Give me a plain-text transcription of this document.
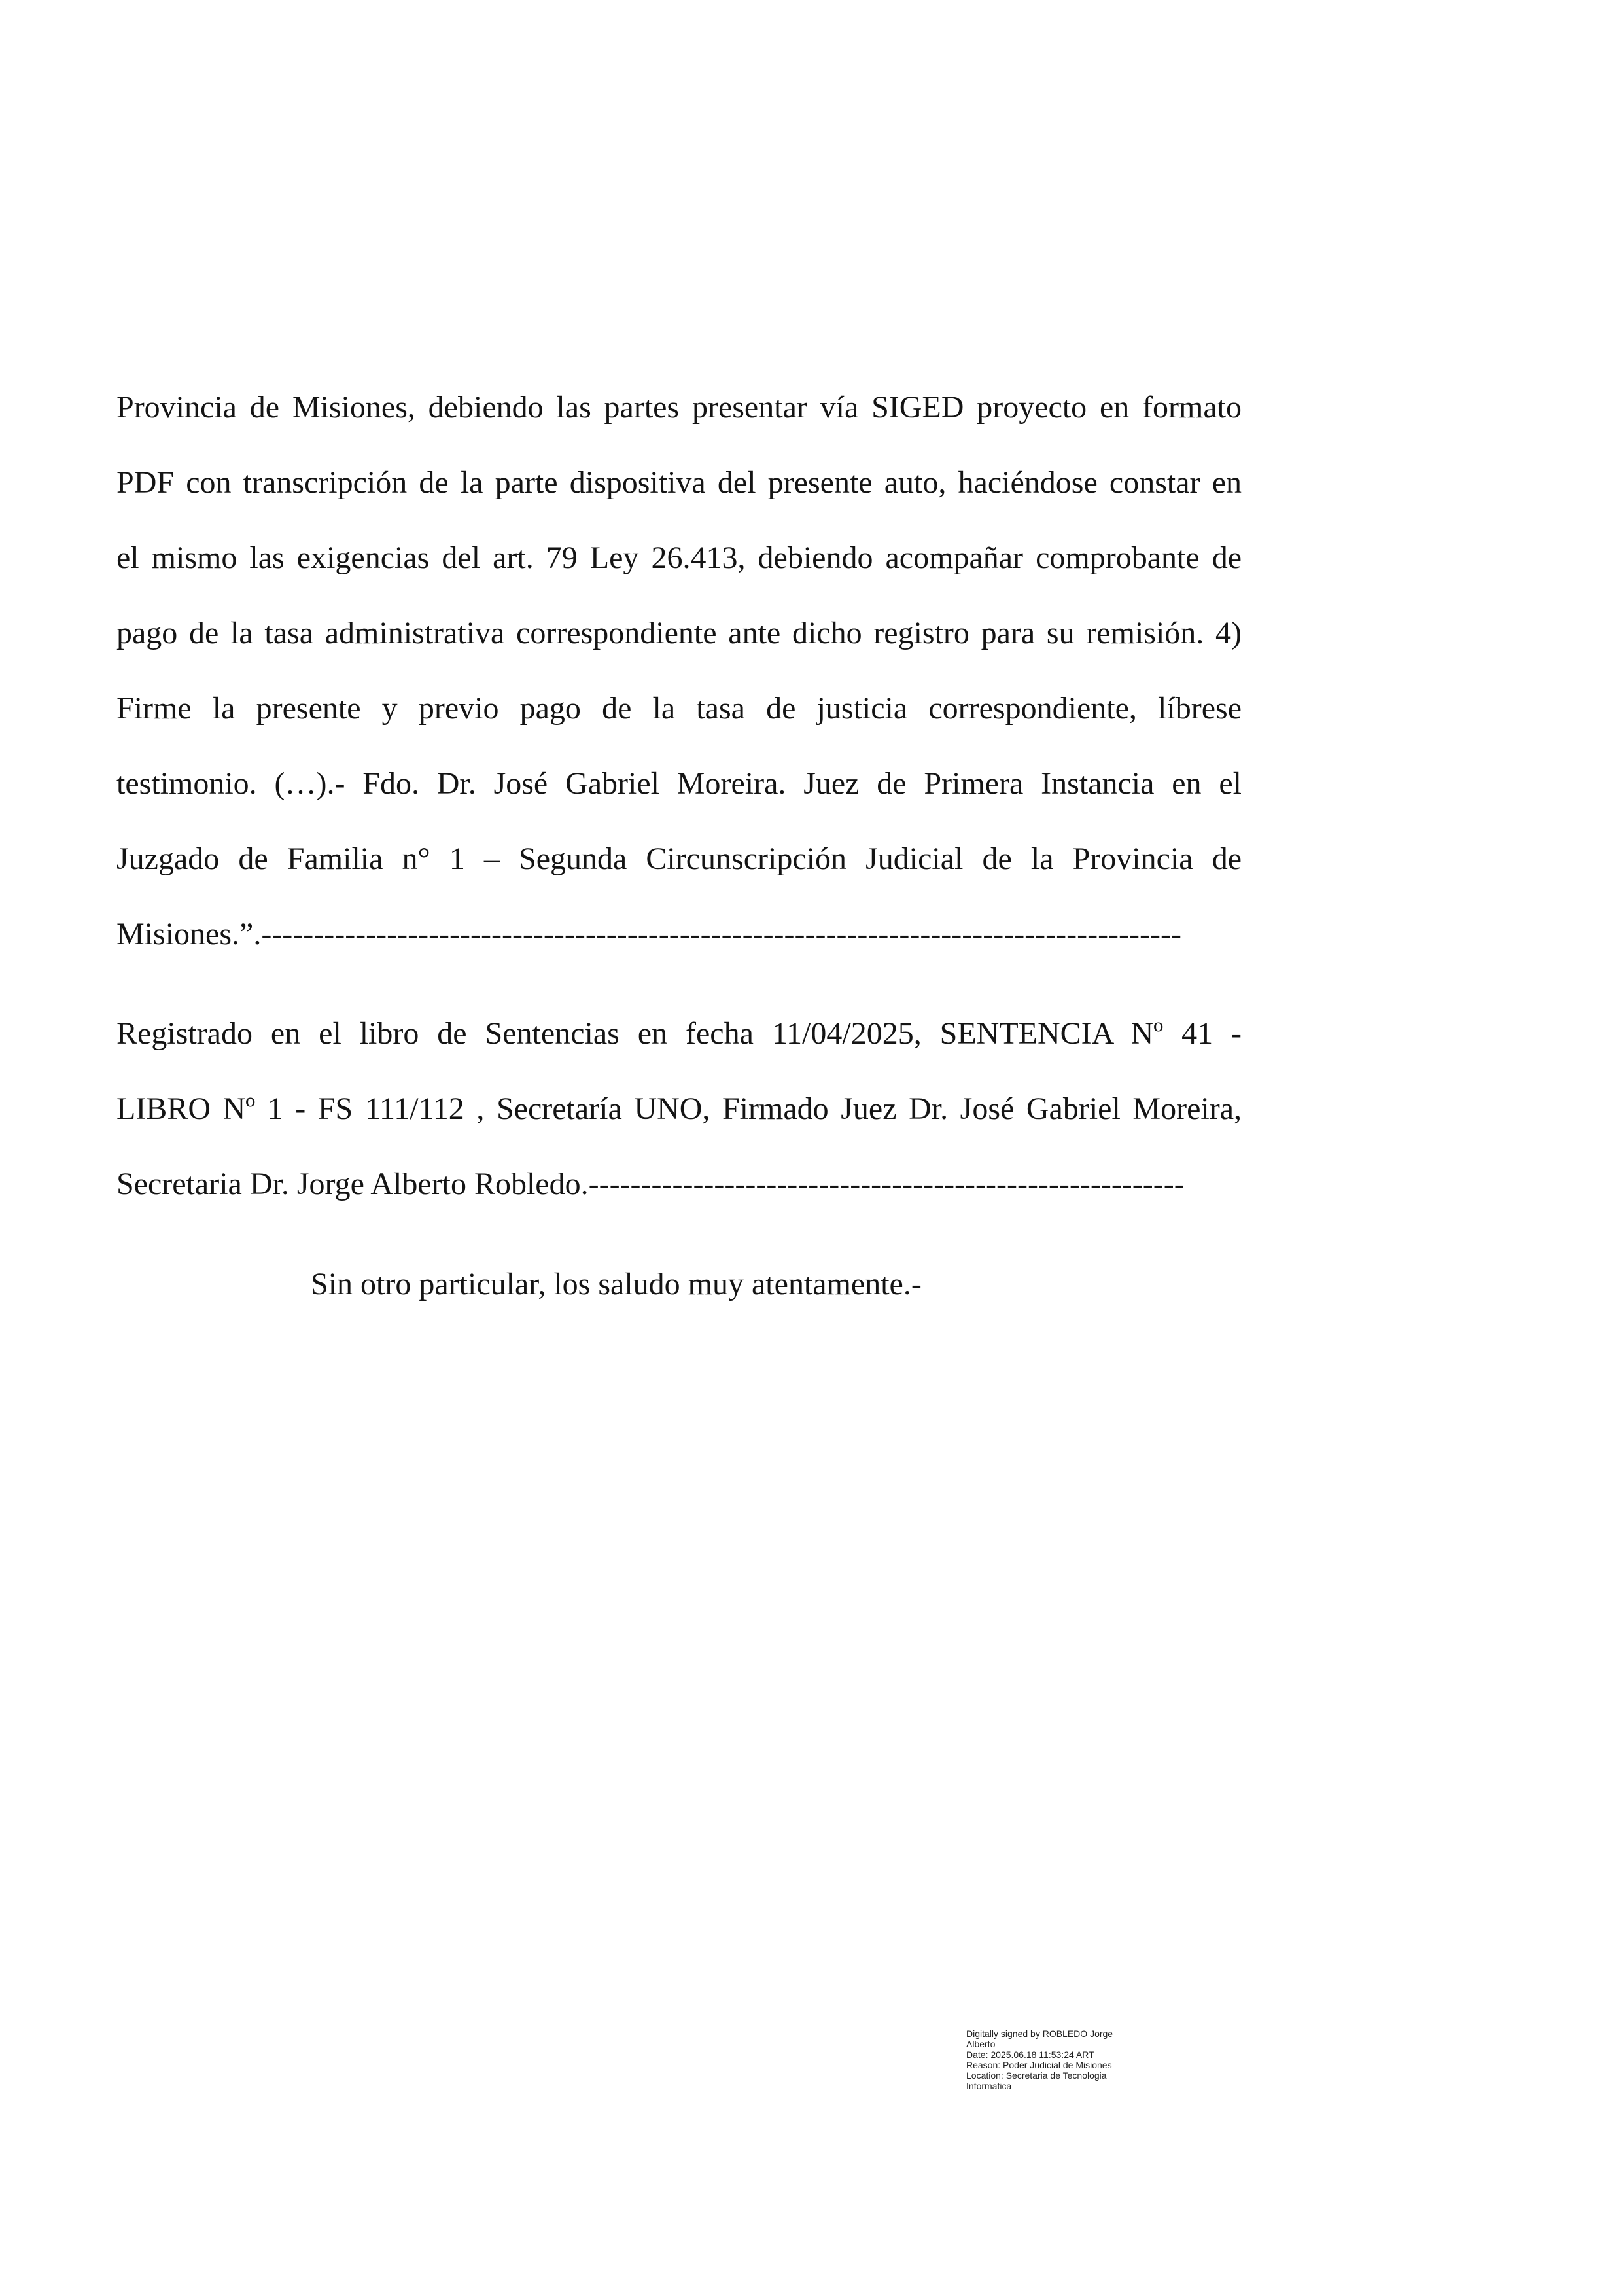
Provincia de Misiones, debiendo las partes presentar vía SIGED proyecto en formato
PDF con transcripción de la parte dispositiva del presente auto, haciéndose constar en
el mismo las exigencias del art. 79 Ley 26.413, debiendo acompañar comprobante de
pago de la tasa administrativa correspondiente ante dicho registro para su remisión. 4)
Firme la presente y previo pago de la tasa de justicia correspondiente, líbrese
testimonio. (…).- Fdo. Dr. José Gabriel Moreira. Juez de Primera Instancia en el
Juzgado de Familia n° 1 – Segunda Circunscripción Judicial de la Provincia de
Misiones.”.----------------------------------------------------------------------------------------
Registrado en el libro de Sentencias en fecha 11/04/2025, SENTENCIA Nº 41 -
LIBRO Nº 1 - FS 111/112 , Secretaría UNO, Firmado Juez Dr. José Gabriel Moreira,
Secretaria Dr. Jorge Alberto Robledo.---------------------------------------------------------

Sin otro particular, los saludo muy atentamente.-

Digitally signed by ROBLEDO Jorge
Alberto
Date: 2025.06.18 11:53:24 ART
Reason: Poder Judicial de Misiones
Location: Secretaria de Tecnologia
Informatica
